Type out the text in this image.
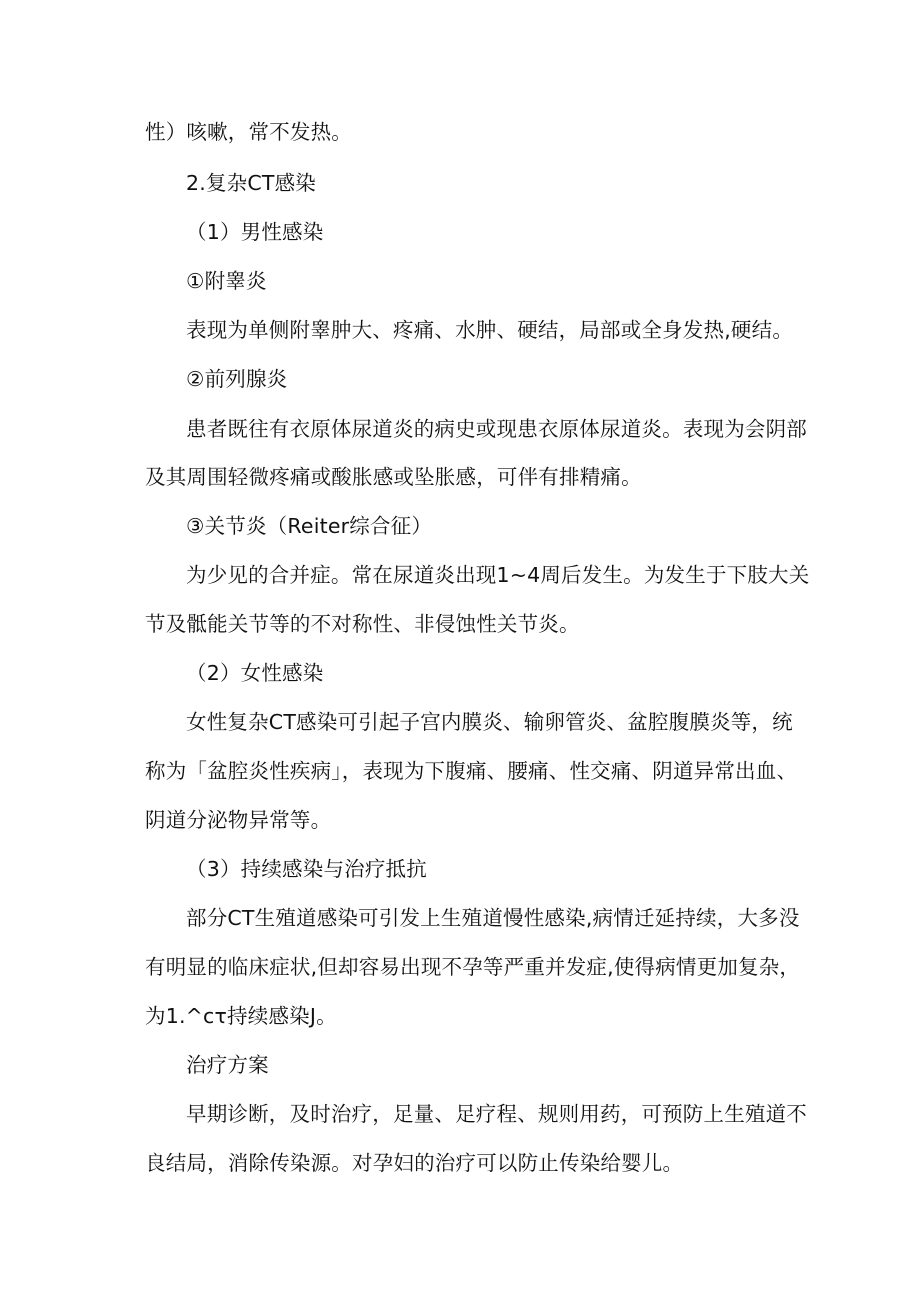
性）咳嗽，常不发热。
2.复杂CT感染
（1）男性感染
①附睾炎
表现为单侧附睾肿大、疼痛、水肿、硬结，局部或全身发热,硬结。
②前列腺炎
患者既往有衣原体尿道炎的病史或现患衣原体尿道炎。表现为会阴部
及其周围轻微疼痛或酸胀感或坠胀感，可伴有排精痛。
③关节炎（Reiter综合征）
为少见的合并症。常在尿道炎出现1~4周后发生。为发生于下肢大关
节及骶能关节等的不对称性、非侵蚀性关节炎。
（2）女性感染
女性复杂CT感染可引起子宫内膜炎、输卵管炎、盆腔腹膜炎等，统
称为「盆腔炎性疾病」，表现为下腹痛、腰痛、性交痛、阴道异常出血、
阴道分泌物异常等。
（3）持续感染与治疗抵抗
部分CT生殖道感染可引发上生殖道慢性感染,病情迁延持续，大多没
有明显的临床症状,但却容易出现不孕等严重并发症,使得病情更加复杂，
为1.^cτ持续感染J。
治疗方案
早期诊断，及时治疗，足量、足疗程、规则用药，可预防上生殖道不
良结局，消除传染源。对孕妇的治疗可以防止传染给婴儿。
